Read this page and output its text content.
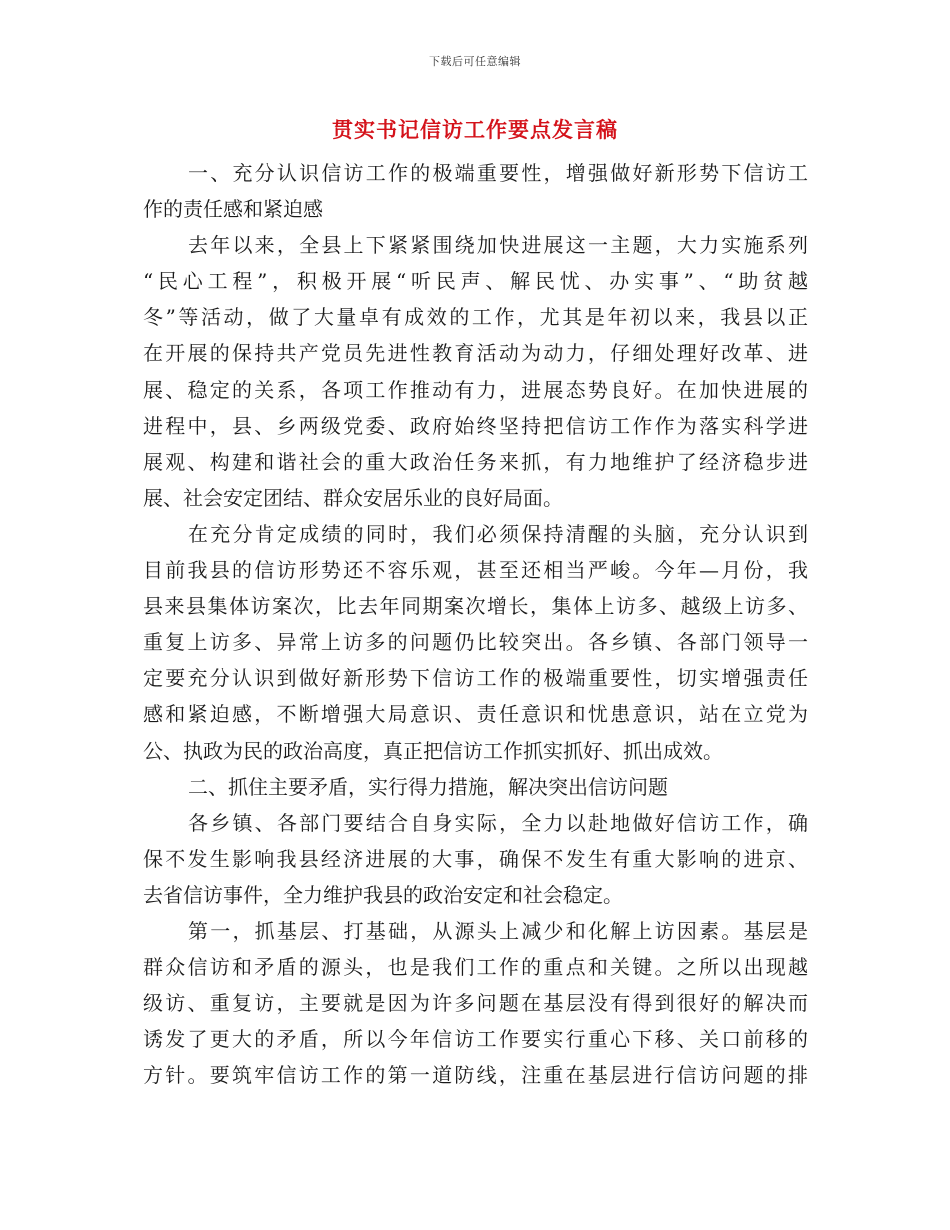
下载后可任意编辑
贯实书记信访工作要点发言稿
一、充分认识信访工作的极端重要性，增强做好新形势下信访工
作的责任感和紧迫感
去年以来，全县上下紧紧围绕加快进展这一主题，大力实施系列
“民心工程”，积极开展“听民声、解民忧、办实事”、“助贫越
冬”等活动，做了大量卓有成效的工作，尤其是年初以来，我县以正
在开展的保持共产党员先进性教育活动为动力，仔细处理好改革、进
展、稳定的关系，各项工作推动有力，进展态势良好。在加快进展的
进程中，县、乡两级党委、政府始终坚持把信访工作作为落实科学进
展观、构建和谐社会的重大政治任务来抓，有力地维护了经济稳步进
展、社会安定团结、群众安居乐业的良好局面。
在充分肯定成绩的同时，我们必须保持清醒的头脑，充分认识到
目前我县的信访形势还不容乐观，甚至还相当严峻。今年—月份，我
县来县集体访案次，比去年同期案次增长，集体上访多、越级上访多、
重复上访多、异常上访多的问题仍比较突出。各乡镇、各部门领导一
定要充分认识到做好新形势下信访工作的极端重要性，切实增强责任
感和紧迫感，不断增强大局意识、责任意识和忧患意识，站在立党为
公、执政为民的政治高度，真正把信访工作抓实抓好、抓出成效。
二、抓住主要矛盾，实行得力措施，解决突出信访问题
各乡镇、各部门要结合自身实际，全力以赴地做好信访工作，确
保不发生影响我县经济进展的大事，确保不发生有重大影响的进京、
去省信访事件，全力维护我县的政治安定和社会稳定。
第一，抓基层、打基础，从源头上减少和化解上访因素。基层是
群众信访和矛盾的源头，也是我们工作的重点和关键。之所以出现越
级访、重复访，主要就是因为许多问题在基层没有得到很好的解决而
诱发了更大的矛盾，所以今年信访工作要实行重心下移、关口前移的
方针。要筑牢信访工作的第一道防线，注重在基层进行信访问题的排
